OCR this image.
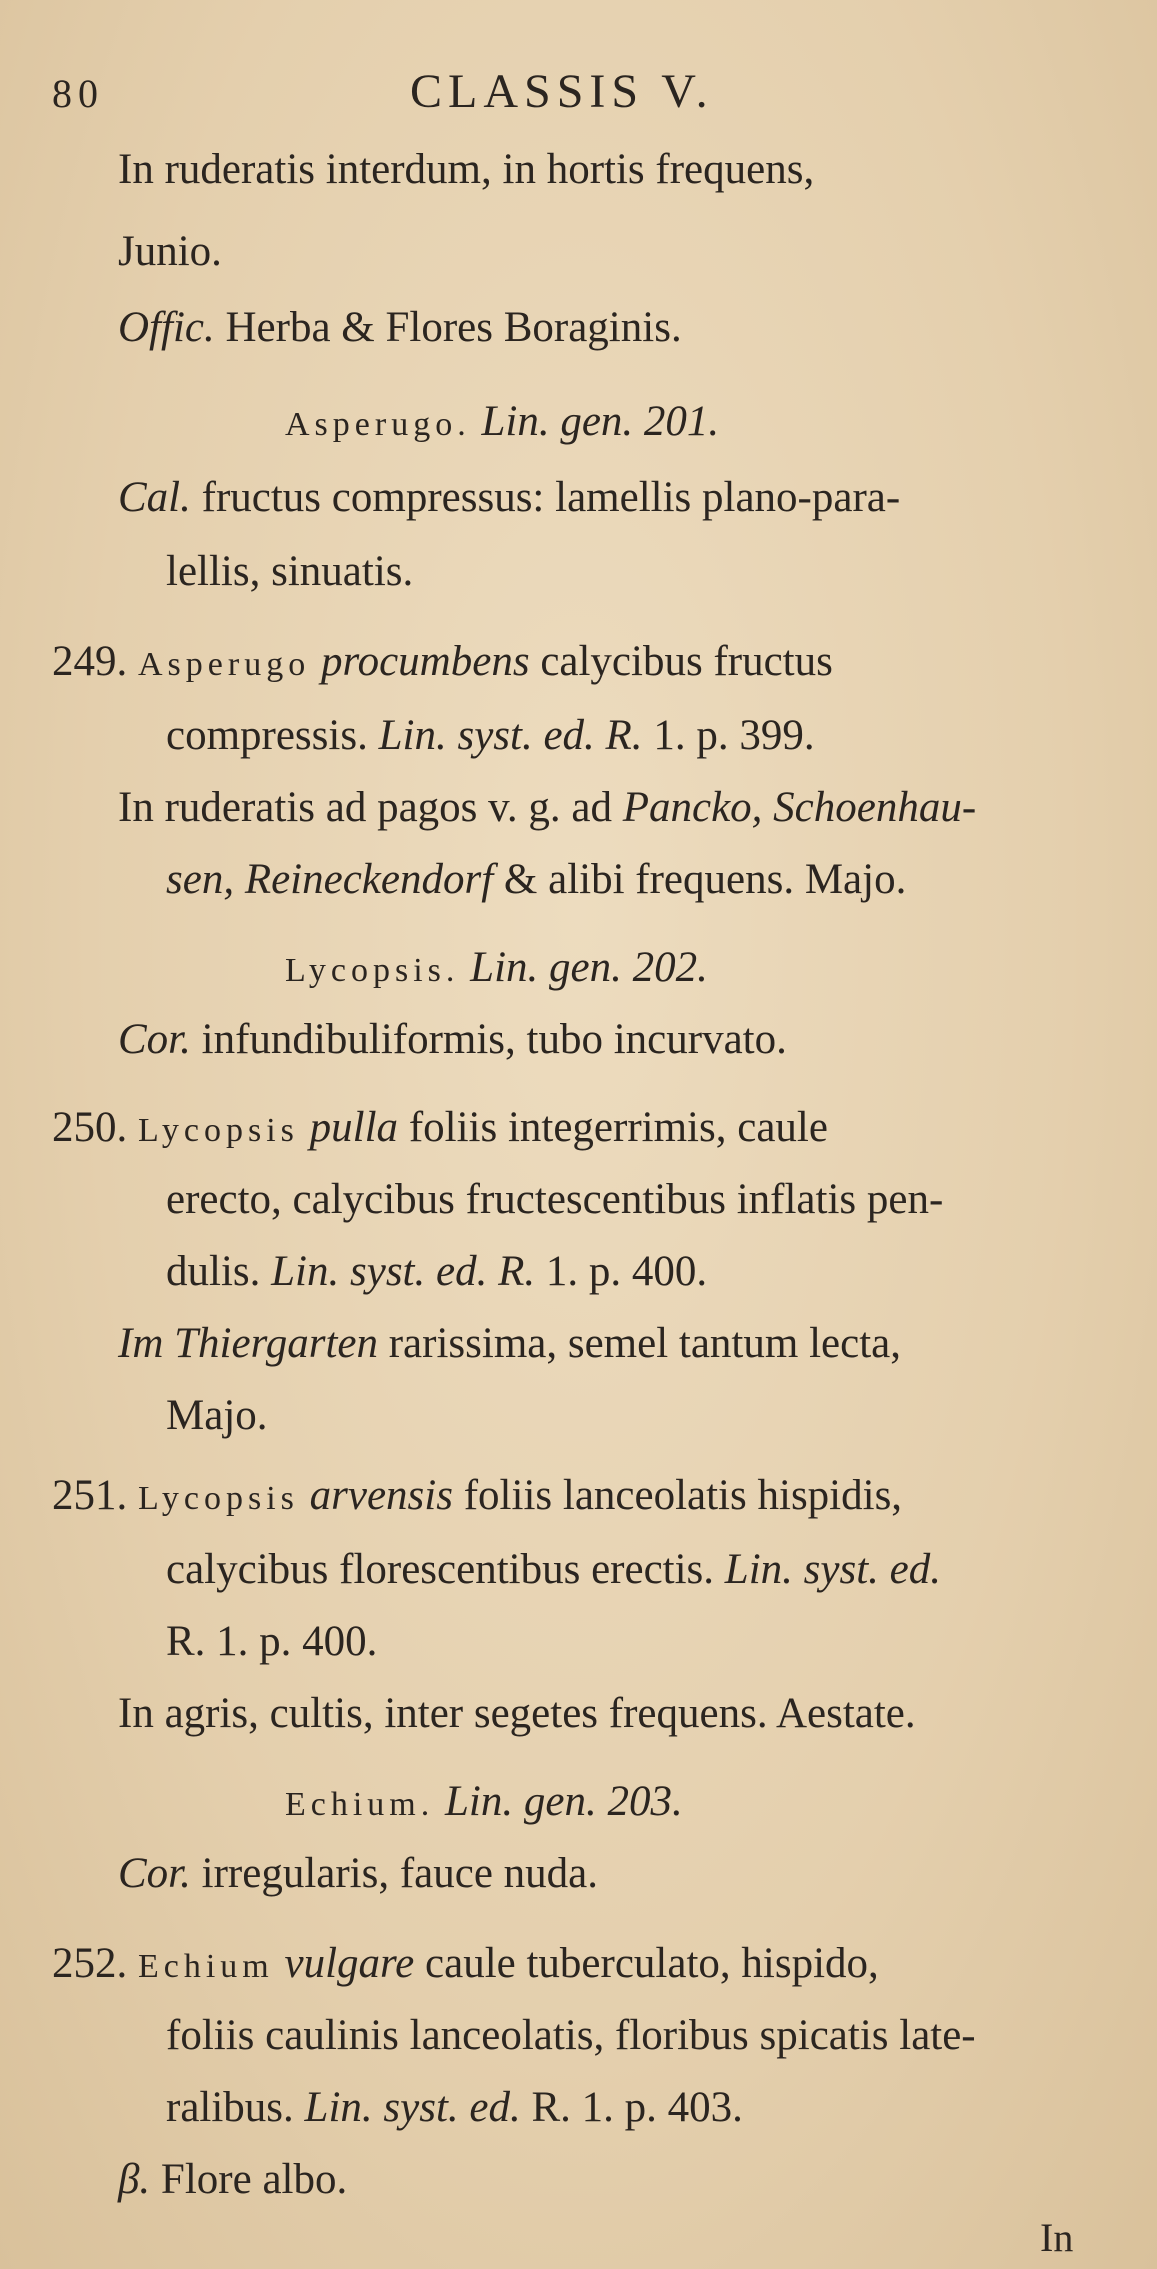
80	CLASSIS V.
In ruderatis interdum, in hortis frequens,
Junio.
Offic. Herba & Flores Boraginis.
Asperugo. Lin. gen. 201.
Cal. fructus compressus: lamellis plano-para-
lellis, sinuatis.
249. Asperugo procumbens calycibus fructus
compressis. Lin. syst. ed. R. 1. p. 399.
In ruderatis ad pagos v. g. ad Pancko, Schoenhau-
sen, Reineckendorf & alibi frequens. Majo.
Lycopsis. Lin. gen. 202.
Cor. infundibuliformis, tubo incurvato.
250. Lycopsis pulla foliis integerrimis, caule
erecto, calycibus fructescentibus inflatis pen-
dulis. Lin. syst. ed. R. 1. p. 400.
Im Thiergarten rarissima, semel tantum lecta,
Majo.
251. Lycopsis arvensis foliis lanceolatis hispidis,
calycibus florescentibus erectis. Lin. syst. ed.
R. 1. p. 400.
In agris, cultis, inter segetes frequens. Aestate.
Echium. Lin. gen. 203.
Cor. irregularis, fauce nuda.
252. Echium vulgare caule tuberculato, hispido,
foliis caulinis lanceolatis, floribus spicatis late-
ralibus. Lin. syst. ed. R. 1. p. 403.
β. Flore albo.
In
